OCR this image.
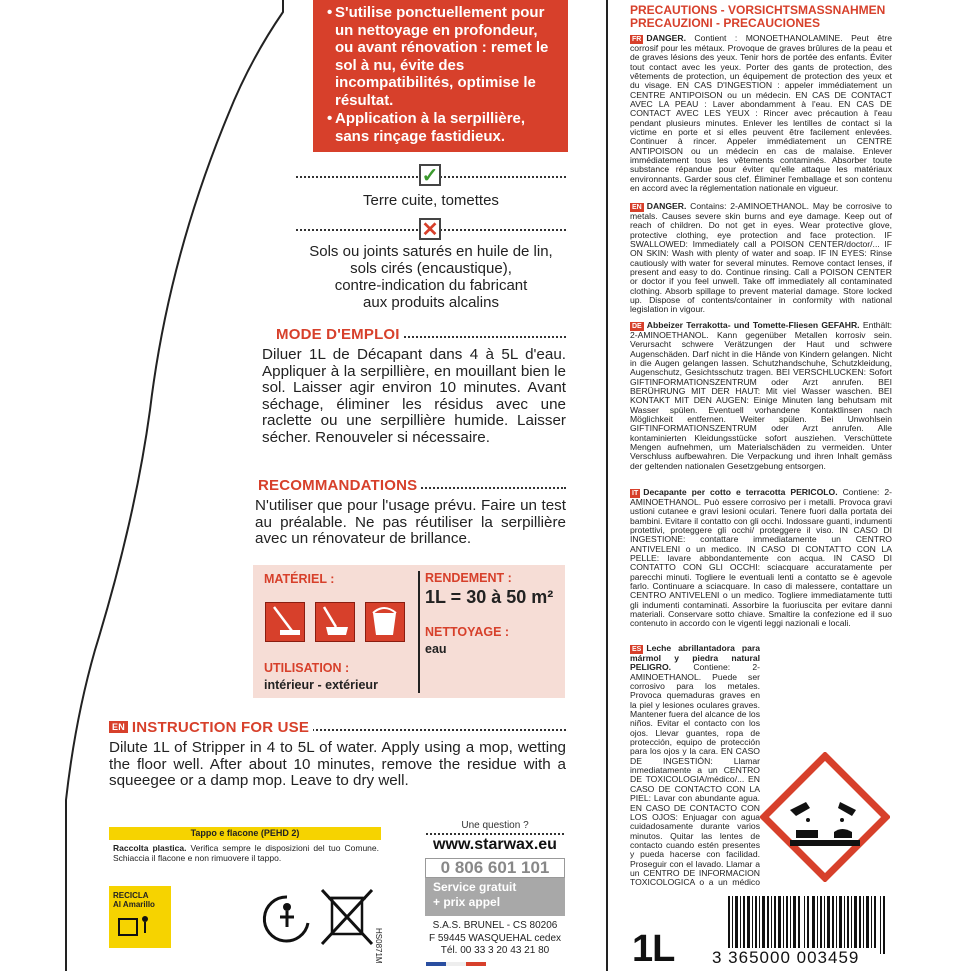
• S'utilise ponctuellement pour un nettoyage en profondeur, ou avant rénovation : remet le sol à nu, évite des incompatibilités, optimise le résultat.

• Application à la serpillière, sans rinçage fastidieux.

✓
Terre cuite, tomettes
✕
Sols ou joints saturés en huile de lin,
sols cirés (encaustique),
contre-indication du fabricant
aux produits alcalins
MODE D'EMPLOI
Diluer 1L de Décapant dans 4 à 5L d'eau. Appliquer à la serpillière, en mouillant bien le sol. Laisser agir environ 10 minutes. Avant séchage, éliminer les résidus avec une raclette ou une serpillière humide. Laisser sécher. Renouveler si nécessaire.
RECOMMANDATIONS
N'utiliser que pour l'usage prévu. Faire un test au préalable. Ne pas réutiliser la serpillière avec un rénovateur de brillance.
MATÉRIEL :
UTILISATION :
intérieur - extérieur
RENDEMENT :
1L = 30 à 50 m²
NETTOYAGE :
eau
EN INSTRUCTION FOR USE
Dilute 1L of Stripper in 4 to 5L of water. Apply using a mop, wetting the floor well. After about 10 minutes, remove the residue with a squeegee or a damp mop. Leave to dry well.
Tappo e flacone (PEHD 2)
Raccolta plastica. Verifica sempre le disposizioni del tuo Comune. Schiaccia il flacone e non rimuovere il tappo.
RECICLA
Al Amarillo
HS0871M
Une question ?
www.starwax.eu
0 806 601 101
Service gratuit
+ prix appel
S.A.S. BRUNEL - CS 80206
F 59445 WASQUEHAL cedex
Tél. 00 33 3 20 43 21 80
PRECAUTIONS - VORSICHTSMASSNAHMEN
PRECAUZIONI - PRECAUCIONES
FR DANGER. Contient : MONOETHANOLAMINE. Peut être corrosif pour les métaux. Provoque de graves brûlures de la peau et de graves lésions des yeux. Tenir hors de portée des enfants. Éviter tout contact avec les yeux. Porter des gants de protection, des vêtements de protection, un équipement de protection des yeux et du visage. EN CAS D'INGESTION : appeler immédiatement un CENTRE ANTIPOISON ou un médecin. EN CAS DE CONTACT AVEC LA PEAU : Laver abondamment à l'eau. EN CAS DE CONTACT AVEC LES YEUX : Rincer avec précaution à l'eau pendant plusieurs minutes. Enlever les lentilles de contact si la victime en porte et si elles peuvent être facilement enlevées. Continuer à rincer. Appeler immédiatement un CENTRE ANTIPOISON ou un médecin en cas de malaise. Enlever immédiatement tous les vêtements contaminés. Absorber toute substance répandue pour éviter qu'elle attaque les matériaux environnants. Garder sous clef. Éliminer l'emballage et son contenu en accord avec la réglementation nationale en vigueur.
EN DANGER. Contains: 2-AMINOETHANOL. May be corrosive to metals. Causes severe skin burns and eye damage. Keep out of reach of children. Do not get in eyes. Wear protective glove, protective clothing, eye protection and face protection. IF SWALLOWED: Immediately call a POISON CENTER/doctor/... IF ON SKIN: Wash with plenty of water and soap. IF IN EYES: Rinse cautiously with water for several minutes. Remove contact lenses, if present and easy to do. Continue rinsing. Call a POISON CENTER or doctor if you feel unwell. Take off immediately all contaminated clothing. Absorb spillage to prevent material damage. Store locked up. Dispose of contents/container in conformity with national legislation in vigour.
DE Abbeizer Terrakotta- und Tomette-Fliesen GEFAHR. Enthält: 2-AMINOETHANOL. Kann gegenüber Metallen korrosiv sein. Verursacht schwere Verätzungen der Haut und schwere Augenschäden. Darf nicht in die Hände von Kindern gelangen. Nicht in die Augen gelangen lassen. Schutzhandschuhe, Schutzkleidung, Augenschutz, Gesichtsschutz tragen. BEI VERSCHLUCKEN: Sofort GIFTINFORMATIONSZENTRUM oder Arzt anrufen. BEI BERÜHRUNG MIT DER HAUT: Mit viel Wasser waschen. BEI KONTAKT MIT DEN AUGEN: Einige Minuten lang behutsam mit Wasser spülen. Eventuell vorhandene Kontaktlinsen nach Möglichkeit entfernen. Weiter spülen. Bei Unwohlsein GIFTINFORMATIONSZENTRUM oder Arzt anrufen. Alle kontaminierten Kleidungsstücke sofort ausziehen. Verschüttete Mengen aufnehmen, um Materialschäden zu vermeiden. Unter Verschluss aufbewahren. Die Verpackung und ihren Inhalt gemäss der geltenden nationalen Gesetzgebung entsorgen.
IT Decapante per cotto e terracotta PERICOLO. Contiene: 2-AMINOETHANOL. Può essere corrosivo per i metalli. Provoca gravi ustioni cutanee e gravi lesioni oculari. Tenere fuori dalla portata dei bambini. Evitare il contatto con gli occhi. Indossare guanti, indumenti protettivi, proteggere gli occhi/ proteggere il viso. IN CASO DI INGESTIONE: contattare immediatamente un CENTRO ANTIVELENI o un medico. IN CASO DI CONTATTO CON LA PELLE: lavare abbondantemente con acqua. IN CASO DI CONTATTO CON GLI OCCHI: sciacquare accuratamente per parecchi minuti. Togliere le eventuali lenti a contatto se è agevole farlo. Continuare a sciacquare. In caso di malessere, contattare un CENTRO ANTIVELENI o un medico. Togliere immediatamente tutti gli indumenti contaminati. Assorbire la fuoriuscita per evitare danni materiali. Conservare sotto chiave. Smaltire la confezione ed il suo contenuto in accordo con le vigenti leggi nazionali e locali.
ES Leche abrillantadora para mármol y piedra natural PELIGRO.	Contiene: 2-AMINOETHANOL. Puede ser corrosivo para los metales. Provoca quemaduras graves en la piel y lesiones oculares graves. Mantener fuera del alcance de los niños. Evitar el contacto con los ojos. Llevar guantes, ropa de protección, equipo de protección para los ojos y la cara. EN CASO DE INGESTIÓN: Llamar inmediatamente a un CENTRO DE TOXICOLOGIA/médico/... EN CASO DE CONTACTO CON LA PIEL: Lavar con abundante agua. EN CASO DE CONTACTO CON LOS OJOS: Enjuagar con agua cuidadosamente durante varios minutos. Quitar las lentes de contacto cuando estén presentes y pueda hacerse con facilidad. Proseguir con el lavado. Llamar a un CENTRO DE INFORMACION TOXICOLOGICA o a un médico
1L 3 365000 003459
